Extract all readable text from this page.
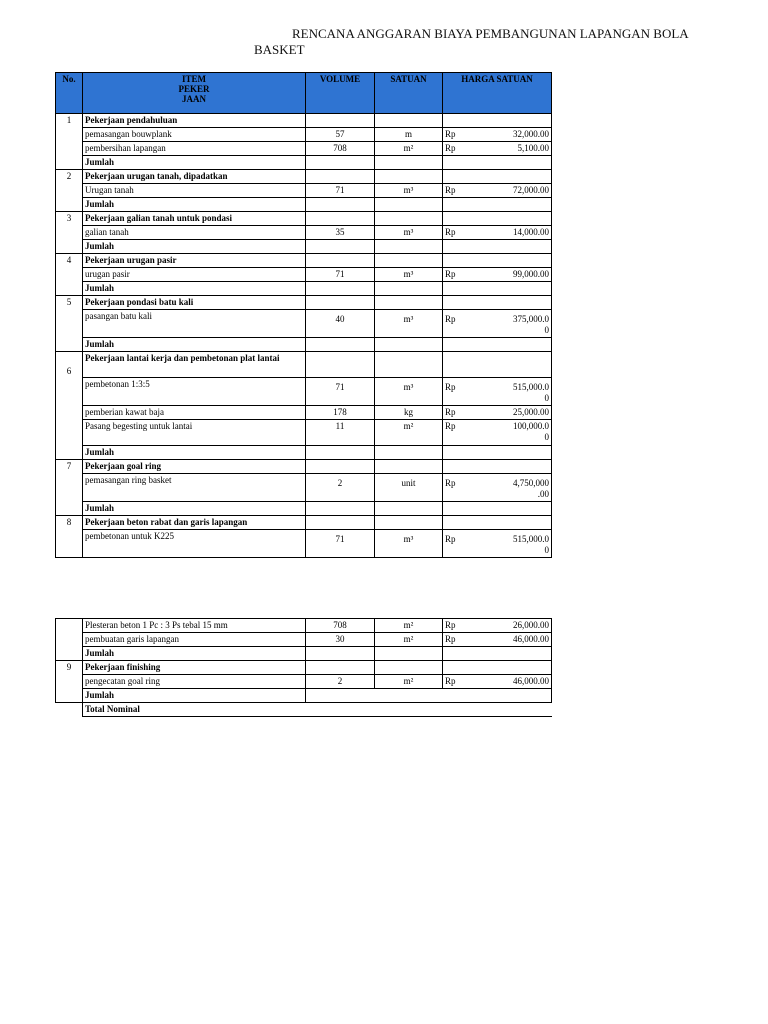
RENCANA ANGGARAN BIAYA PEMBANGUNAN LAPANGAN BOLA
BASKET
No.	ITEM
PEKER
JAAN	VOLUME	SATUAN	HARGA SATUAN	
1	Pekerjaan pendahuluan				
	pemasangan bouwplank	57	m	Rp	32,000.00
	pembersihan lapangan	708	m²	Rp	5,100.00
	Jumlah				
2	Pekerjaan urugan tanah, dipadatkan				
	Urugan tanah	71	m³	Rp	72,000.00
	Jumlah				
3	Pekerjaan galian tanah untuk pondasi				
	galian tanah	35	m³	Rp	14,000.00
	Jumlah				
4	Pekerjaan urugan pasir				
	urugan pasir	71	m³	Rp	99,000.00
	Jumlah				
5	Pekerjaan pondasi batu kali				
	pasangan batu kali	40	m³	Rp	375,000.0
0

	Jumlah				
6	Pekerjaan lantai kerja dan pembetonan plat lantai				
	pembetonan 1:3:5	71	m³	Rp	515,000.0
0

	pemberian kawat baja	178	kg	Rp	25,000.00
	Pasang begesting untuk lantai	11	m²	Rp	100,000.0
0

	Jumlah				
7	Pekerjaan goal ring				
	pemasangan ring basket	2	unit	Rp	4,750,000
.00

	Jumlah				
8	Pekerjaan beton rabat dan garis lapangan				
	pembetonan untuk K225	71	m³	Rp	515,000.0
0
	Plesteran beton 1 Pc : 3 Ps tebal 15 mm	708	m²	Rp	26,000.00
	pembuatan garis lapangan	30	m²	Rp	46,000.00
	Jumlah				
9	Pekerjaan finishing				
	pengecatan goal ring	2	m²	Rp	46,000.00
	Jumlah				
	Total Nominal				
